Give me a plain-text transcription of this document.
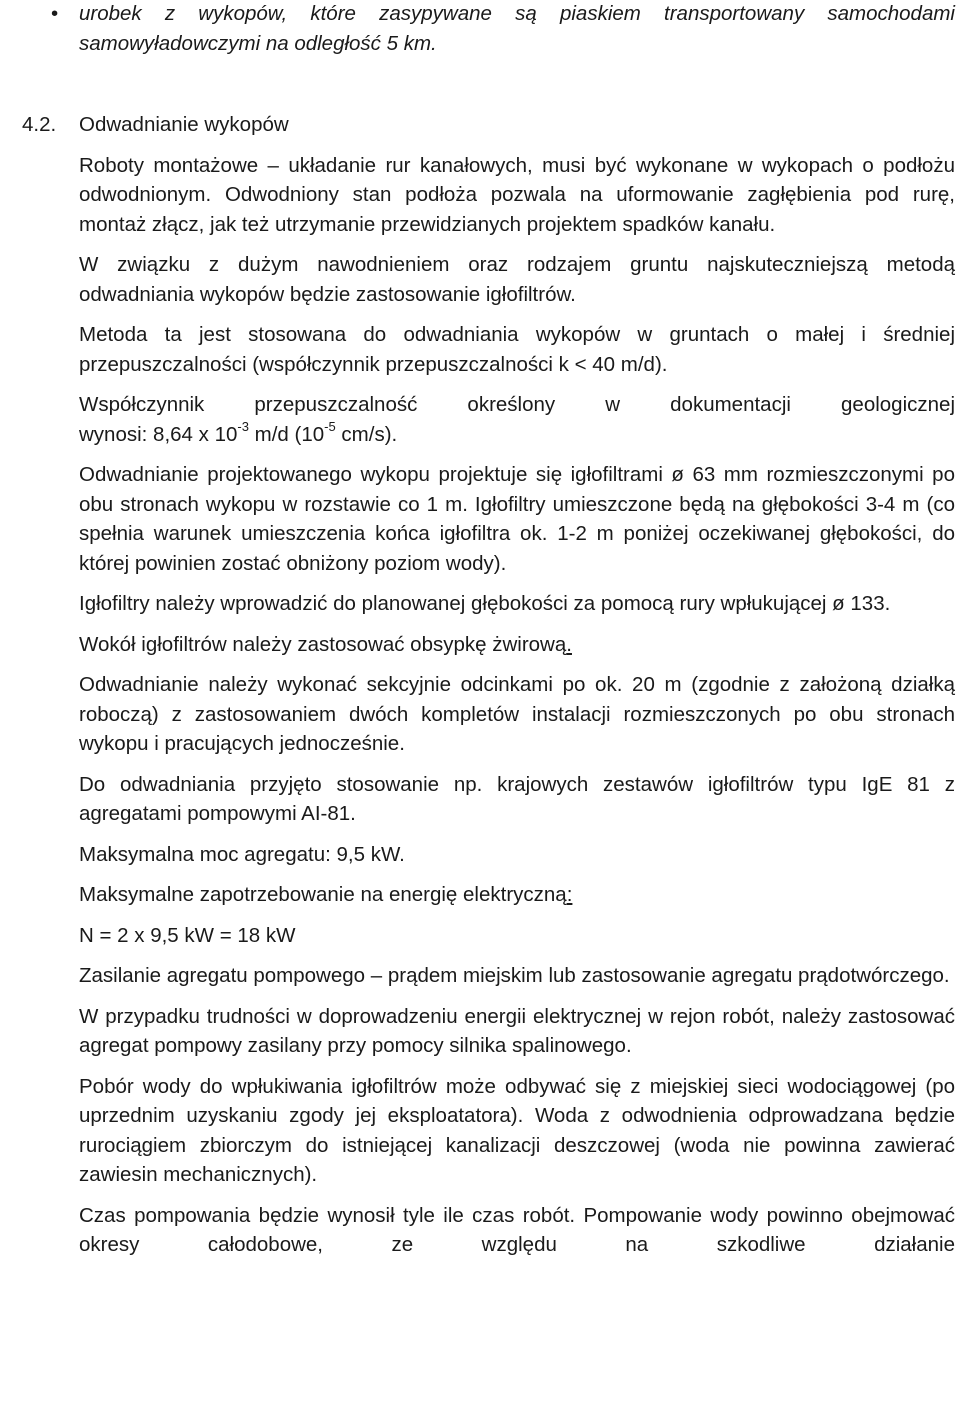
• urobek z wykopów, które zasypywane są piaskiem transportowany samochodami samowyładowczymi na odległość 5 km.

4.2. Odwadnianie wykopów

Roboty montażowe – układanie rur kanałowych, musi być wykonane w wykopach o podłożu odwodnionym. Odwodniony stan podłoża pozwala na uformowanie zagłębienia pod rurę, montaż złącz, jak też utrzymanie przewidzianych projektem spadków kanału.

W związku z dużym nawodnieniem oraz rodzajem gruntu najskuteczniejszą metodą odwadniania wykopów będzie zastosowanie igłofiltrów.

Metoda ta jest stosowana do odwadniania wykopów w gruntach o małej i średniej przepuszczalności (współczynnik przepuszczalności k < 40 m/d).

Współczynnik przepuszczalność określony w dokumentacji geologicznej
wynosi: 8,64 x $10^{-3}$ m/d ($10^{-5}$ cm/s).

Odwadnianie projektowanego wykopu projektuje się igłofiltrami ø 63 mm rozmieszczonymi po obu stronach wykopu w rozstawie co 1 m. Igłofiltry umieszczone będą na głębokości 3-4 m (co spełnia warunek umieszczenia końca igłofiltra ok. 1-2 m poniżej oczekiwanej głębokości, do której powinien zostać obniżony poziom wody).

Igłofiltry należy wprowadzić do planowanej głębokości za pomocą rury wpłukującej ø 133.

Wokół igłofiltrów należy zastosować obsypkę żwirową.

Odwadnianie należy wykonać sekcyjnie odcinkami po ok. 20 m (zgodnie z założoną działką roboczą) z zastosowaniem dwóch kompletów instalacji rozmieszczonych po obu stronach wykopu i pracujących jednocześnie.

Do odwadniania przyjęto stosowanie np. krajowych zestawów igłofiltrów typu IgE 81 z agregatami pompowymi AI-81.

Maksymalna moc agregatu: 9,5 kW.

Maksymalne zapotrzebowanie na energię elektryczną:

N = 2 x 9,5 kW = 18 kW

Zasilanie agregatu pompowego – prądem miejskim lub zastosowanie agregatu prądotwórczego.

W przypadku trudności w doprowadzeniu energii elektrycznej w rejon robót, należy zastosować agregat pompowy zasilany przy pomocy silnika spalinowego.

Pobór wody do wpłukiwania igłofiltrów może odbywać się z miejskiej sieci wodociągowej (po uprzednim uzyskaniu zgody jej eksploatatora). Woda z odwodnienia odprowadzana będzie rurociągiem zbiorczym do istniejącej kanalizacji deszczowej (woda nie powinna zawierać zawiesin mechanicznych).

Czas pompowania będzie wynosił tyle ile czas robót. Pompowanie wody powinno obejmować okresy całodobowe, ze względu na szkodliwe działanie
